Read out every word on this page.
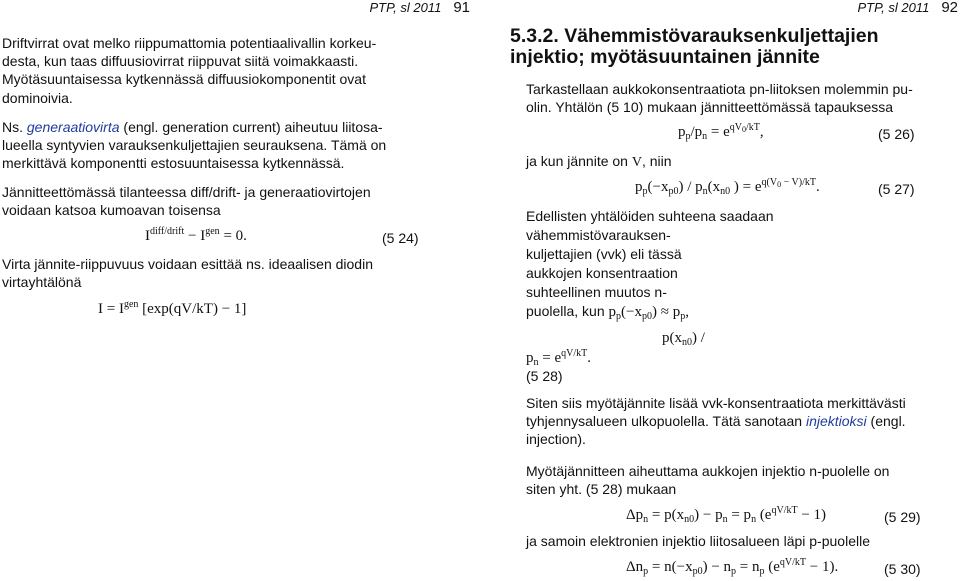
PTP, sl 2011 91
Driftvirrat ovat melko riippumattomia potentiaalivallin korkeu-
desta, kun taas diffuusiovirrat riippuvat siitä voimakkaasti.
Myötäsuuntaisessa kytkennässä diffuusiokomponentit ovat
dominoivia.
Ns. generaatiovirta (engl. generation current) aiheutuu liitosa-
lueella syntyvien varauksenkuljettajien seurauksena. Tämä on
merkittävä komponentti estosuuntaisessa kytkennässä.
Jännitteettömässä tilanteessa diff/drift- ja generaatiovirtojen
voidaan katsoa kumoavan toisensa
$I^{diff/drift} - I^{gen} = 0$.	(5 24)
Virta jännite-riippuvuus voidaan esittää ns. ideaalisen diodin
virtayhtälönä
$I = I^{gen}$ [exp(qV/kT) − 1]
PTP, sl 2011 92
5.3.2. Vähemmistövarauksenkuljettajien
injektio; myötäsuuntainen jännite
Tarkastellaan aukkokonsentraatiota pn-liitoksen molemmin pu-
olin. Yhtälön (5 10) mukaan jännitteettömässä tapauksessa
$p_p/p_n = e^{qV0/kT}$,	(5 26)
ja kun jännite on V, niin
$p_p(-x_{p0}) / p_n(x_{n0}$ ) = $e^{q(V0}$ $^{- V)/kT}$.	(5 27)
Edellisten yhtälöiden suhteena saadaan
vähemmistövarauksen-
kuljettajien (vvk) eli tässä
aukkojen konsentraation
suhteellinen muutos n-
puolella, kun $p_p(-x_{p0}) \approx p_p$,
$p(x_{n0})$ /
$p_n = e^{qV/kT}$.
(5 28)
Siten siis myötäjännite lisää vvk-konsentraatiota merkittävästi
tyhjennysalueen ulkopuolella. Tätä sanotaan injektioksi (engl.
injection).
Myötäjännitteen aiheuttama aukkojen injektio n-puolelle on
siten yht. (5 28) mukaan
$\Delta p_n = p(x_{n0}) - p_n = p_n$ $(e^{qV/kT} - 1)$	(5 29)
ja samoin elektronien injektio liitosalueen läpi p-puolelle
$\Delta n_p = n(-x_{p0}) - n_p = n_p$ $(e^{qV/kT} - 1)$.	(5 30)
